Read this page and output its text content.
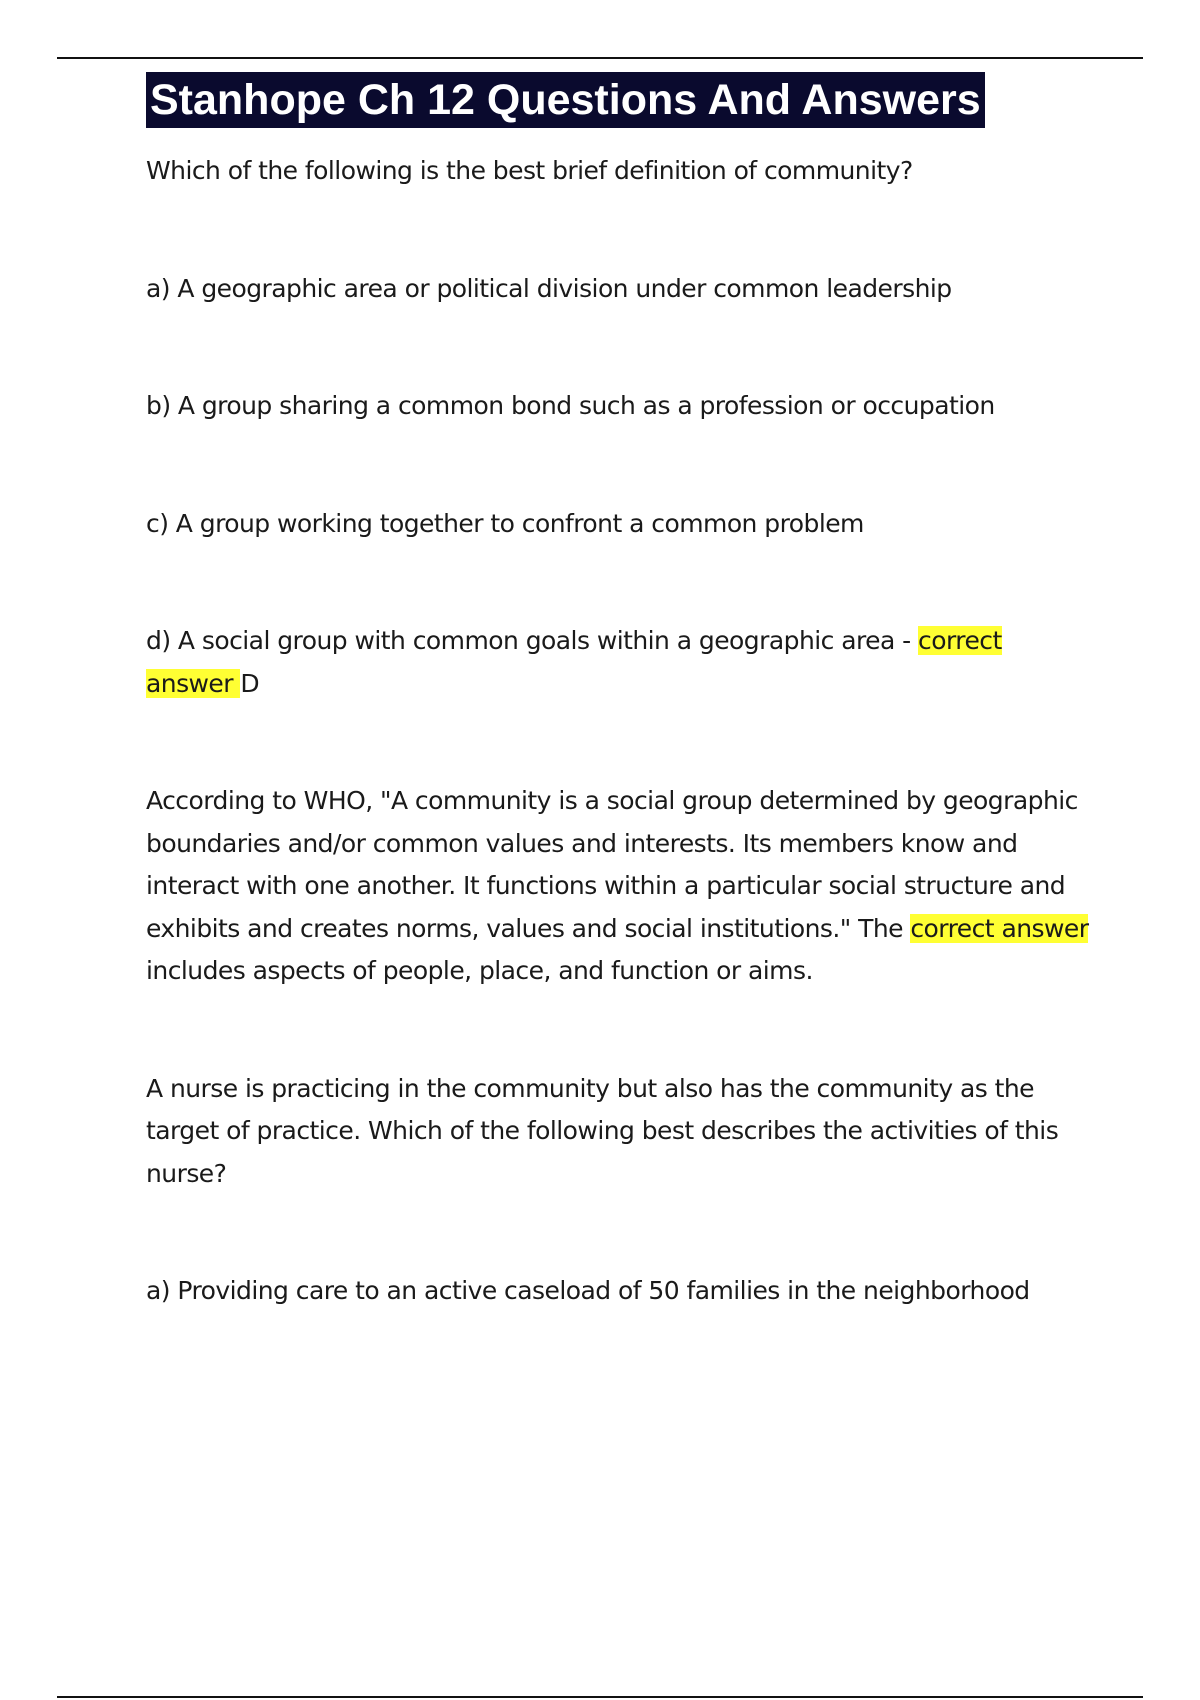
Stanhope Ch 12 Questions And Answers

Which of the following is the best brief definition of community?

a) A geographic area or political division under common leadership

b) A group sharing a common bond such as a profession or occupation

c) A group working together to confront a common problem

d) A social group with common goals within a geographic area - correct answer D

According to WHO, "A community is a social group determined by geographic boundaries and/or common values and interests. Its members know and interact with one another. It functions within a particular social structure and exhibits and creates norms, values and social institutions." The correct answer includes aspects of people, place, and function or aims.

A nurse is practicing in the community but also has the community as the target of practice. Which of the following best describes the activities of this nurse?

a) Providing care to an active caseload of 50 families in the neighborhood
